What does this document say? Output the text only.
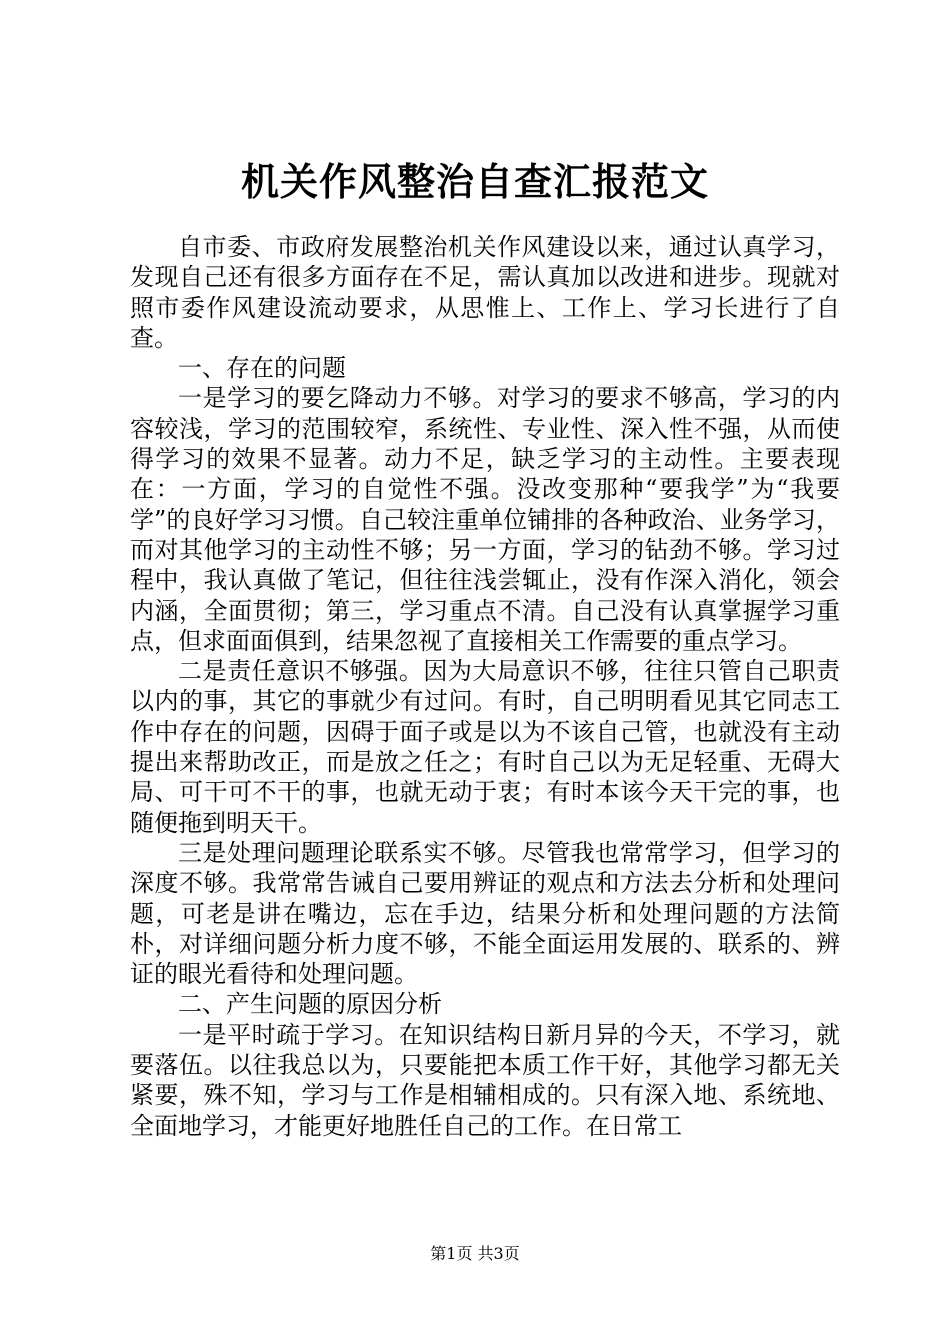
机关作风整治自查汇报范文

自市委、市政府发展整治机关作风建设以来，通过认真学习，发现自己还有很多方面存在不足，需认真加以改进和进步。现就对照市委作风建设流动要求，从思惟上、工作上、学习长进行了自查。

一、存在的问题

一是学习的要乞降动力不够。对学习的要求不够高，学习的内容较浅，学习的范围较窄，系统性、专业性、深入性不强，从而使得学习的效果不显著。动力不足，缺乏学习的主动性。主要表现在：一方面，学习的自觉性不强。没改变那种“要我学”为“我要学”的良好学习习惯。自己较注重单位铺排的各种政治、业务学习，而对其他学习的主动性不够；另一方面，学习的钻劲不够。学习过程中，我认真做了笔记，但往往浅尝辄止，没有作深入消化，领会内涵，全面贯彻；第三，学习重点不清。自己没有认真掌握学习重点，但求面面俱到，结果忽视了直接相关工作需要的重点学习。

二是责任意识不够强。因为大局意识不够，往往只管自己职责以内的事，其它的事就少有过问。有时，自己明明看见其它同志工作中存在的问题，因碍于面子或是以为不该自己管，也就没有主动提出来帮助改正，而是放之任之；有时自己以为无足轻重、无碍大局、可干可不干的事，也就无动于衷；有时本该今天干完的事，也随便拖到明天干。

三是处理问题理论联系实不够。尽管我也常常学习，但学习的深度不够。我常常告诫自己要用辨证的观点和方法去分析和处理问题，可老是讲在嘴边，忘在手边，结果分析和处理问题的方法简朴，对详细问题分析力度不够，不能全面运用发展的、联系的、辨证的眼光看待和处理问题。

二、产生问题的原因分析

一是平时疏于学习。在知识结构日新月异的今天，不学习，就要落伍。以往我总以为，只要能把本质工作干好，其他学习都无关紧要，殊不知，学习与工作是相辅相成的。只有深入地、系统地、全面地学习，才能更好地胜任自己的工作。在日常工

第1页 共3页
